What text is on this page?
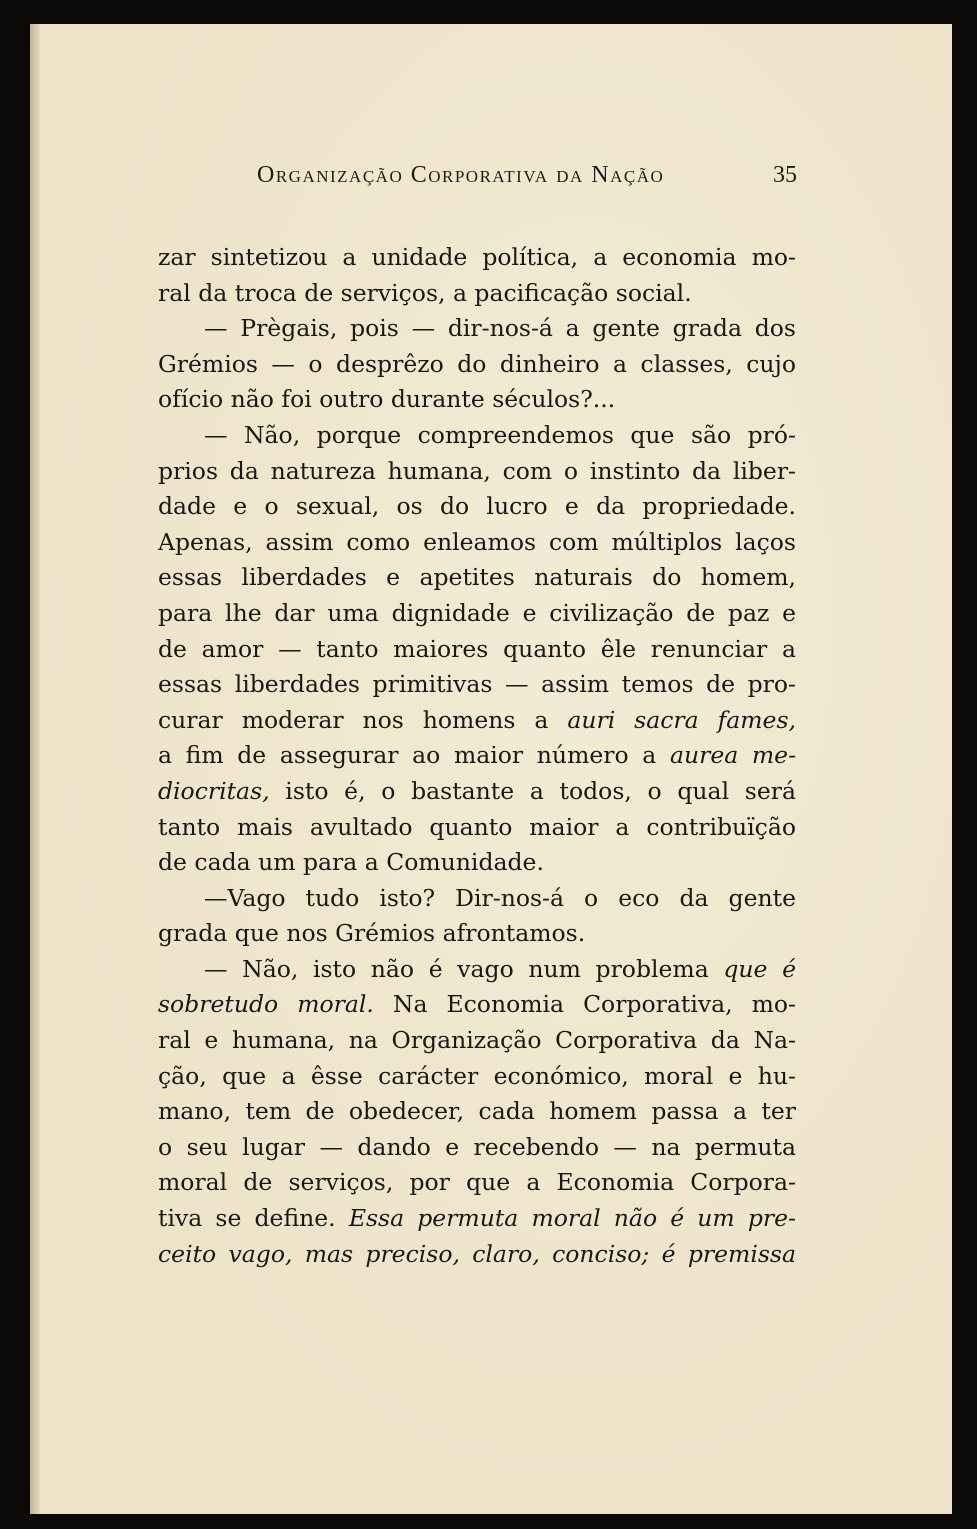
Organização Corporativa da Nação	35
zar sintetizou a unidade política, a economia mo-
ral da troca de serviços, a pacificação social.
— Prègais, pois — dir-nos-á a gente grada dos
Grémios — o desprêzo do dinheiro a classes, cujo
ofício não foi outro durante séculos?...
— Não, porque compreendemos que são pró-
prios da natureza humana, com o instinto da liber-
dade e o sexual, os do lucro e da propriedade.
Apenas, assim como enleamos com múltiplos laços
essas liberdades e apetites naturais do homem,
para lhe dar uma dignidade e civilização de paz e
de amor — tanto maiores quanto êle renunciar a
essas liberdades primitivas — assim temos de pro-
curar moderar nos homens a auri sacra fames,
a fim de assegurar ao maior número a aurea me-
diocritas, isto é, o bastante a todos, o qual será
tanto mais avultado quanto maior a contribuïção
de cada um para a Comunidade.
—Vago tudo isto? Dir-nos-á o eco da gente
grada que nos Grémios afrontamos.
— Não, isto não é vago num problema que é
sobretudo moral. Na Economia Corporativa, mo-
ral e humana, na Organização Corporativa da Na-
ção, que a êsse carácter económico, moral e hu-
mano, tem de obedecer, cada homem passa a ter
o seu lugar — dando e recebendo — na permuta
moral de serviços, por que a Economia Corpora-
tiva se define. Essa permuta moral não é um pre-
ceito vago, mas preciso, claro, conciso; é premissa
